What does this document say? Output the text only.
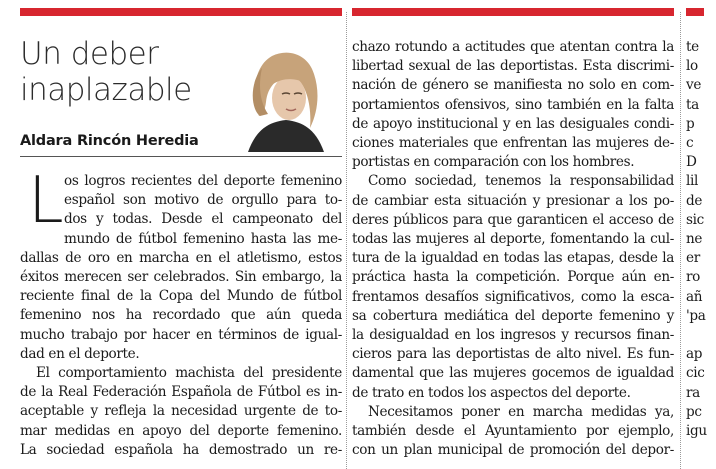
Un deber
inaplazable
Aldara Rincón Heredia
L os logros recientes del deporte femenino
español son motivo de orgullo para to-
dos y todas. Desde el campeonato del
mundo de fútbol femenino hasta las me-

dallas de oro en marcha en el atletismo, estos
éxitos merecen ser celebrados. Sin embargo, la
reciente final de la Copa del Mundo de fútbol
femenino nos ha recordado que aún queda
mucho trabajo por hacer en términos de igual-
dad en el deporte.

El comportamiento machista del presidente
de la Real Federación Española de Fútbol es in-
aceptable y refleja la necesidad urgente de to-
mar medidas en apoyo del deporte femenino.
La sociedad española ha demostrado un re-

chazo rotundo a actitudes que atentan contra la
libertad sexual de las deportistas. Esta discrimi-
nación de género se manifiesta no solo en com-
portamientos ofensivos, sino también en la falta
de apoyo institucional y en las desiguales condi-
ciones materiales que enfrentan las mujeres de-
portistas en comparación con los hombres.

Como sociedad, tenemos la responsabilidad
de cambiar esta situación y presionar a los po-
deres públicos para que garanticen el acceso de
todas las mujeres al deporte, fomentando la cul-
tura de la igualdad en todas las etapas, desde la
práctica hasta la competición. Porque aún en-
frentamos desafíos significativos, como la esca-
sa cobertura mediática del deporte femenino y
la desigualdad en los ingresos y recursos finan-
cieros para las deportistas de alto nivel. Es fun-
damental que las mujeres gocemos de igualdad
de trato en todos los aspectos del deporte.

Necesitamos poner en marcha medidas ya,
también desde el Ayuntamiento por ejemplo,
con un plan municipal de promoción del depor-

te
lo
ve
ta
p
c
D
lil
de
sic
ne
er
ro
añ
'pa

ap
cic
ra
pc
igu
